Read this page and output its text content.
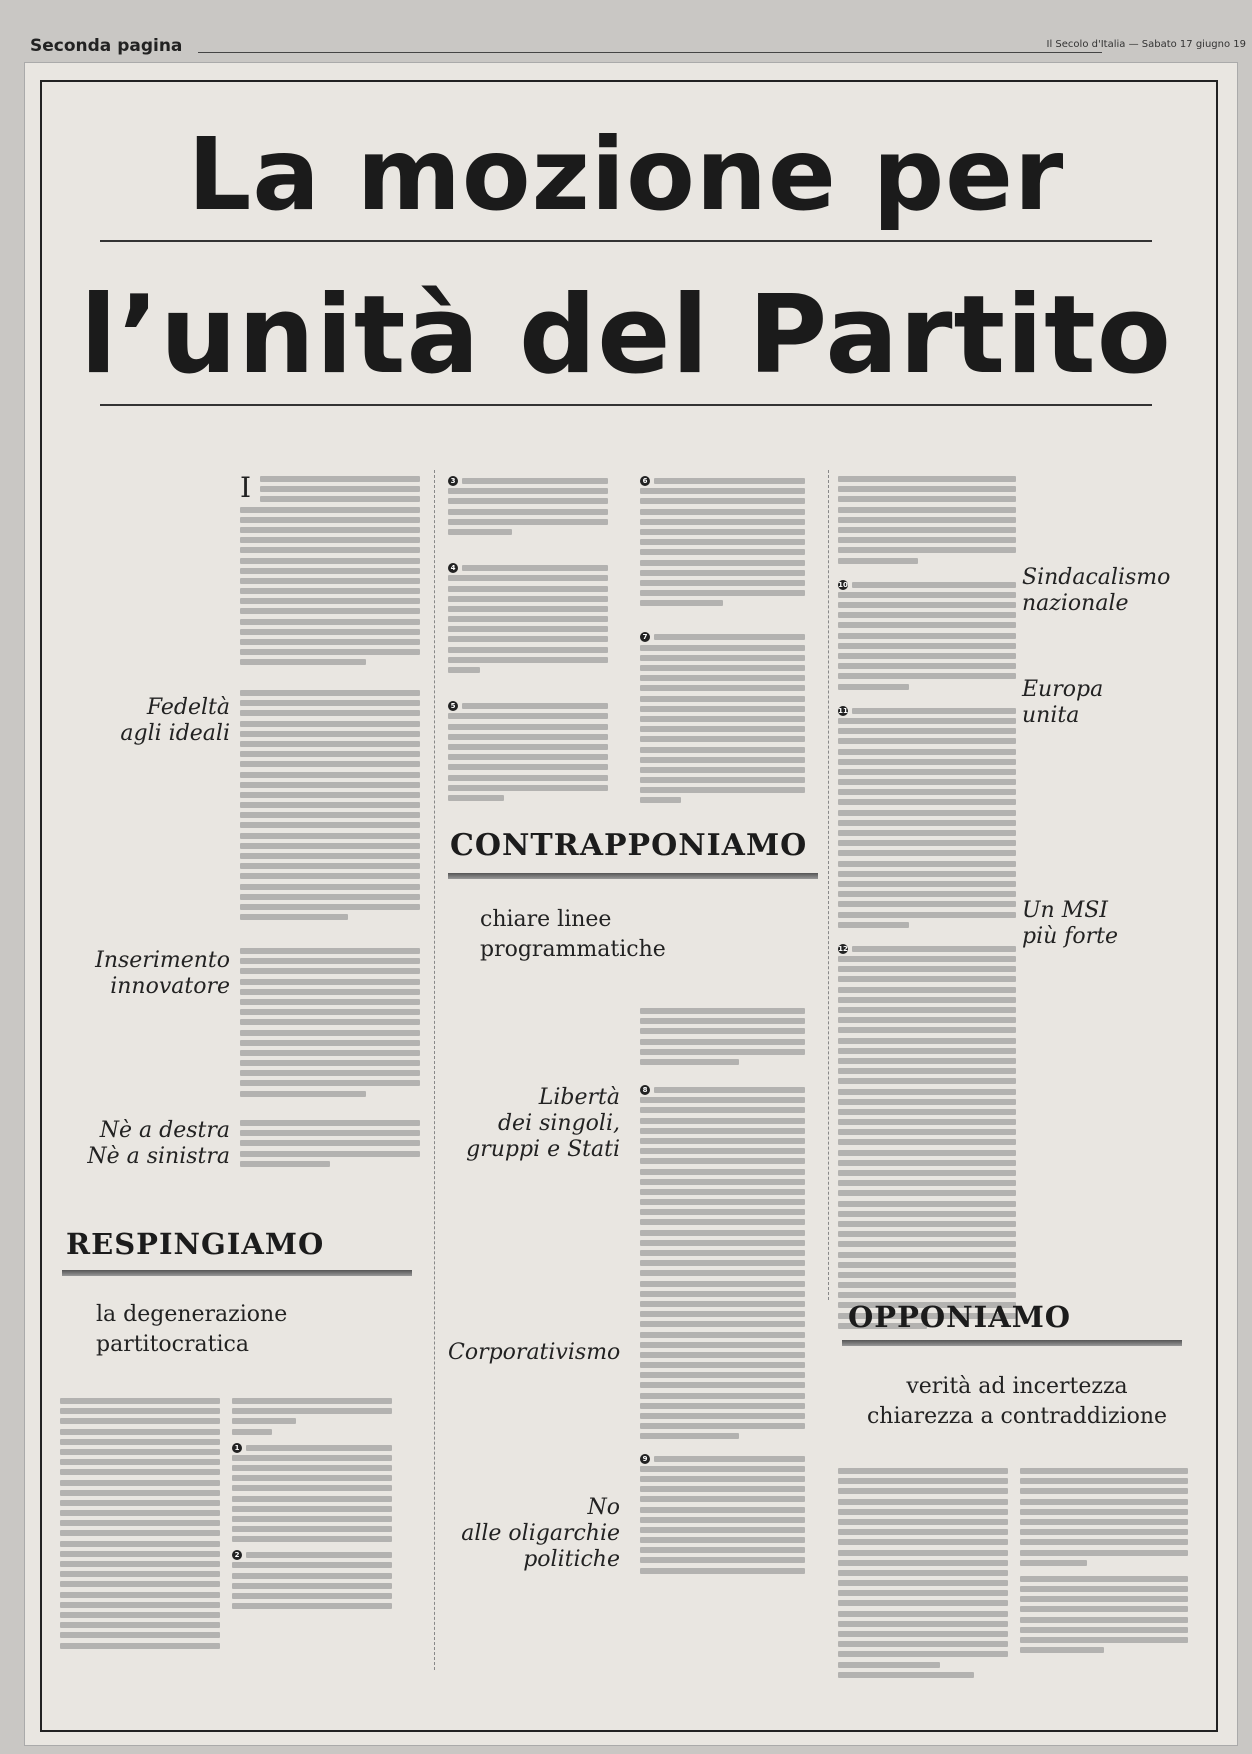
Seconda pagina	Il Secolo d'Italia — Sabato 17 giugno 19
La mozione per
l’unità del Partito
I
Fedeltà
agli ideali
Inserimento
innovatore
Nè a destra
Nè a sinistra
RESPINGIAMO
la degenerazione
partitocratica
1
2
3
4
5
6
7
CONTRAPPONIAMO
chiare linee
programmatiche
Libertà
dei singoli,
gruppi e Stati
Corporativismo
No
alle oligarchie
politiche
8
9
10
11
12
Sindacalismo
nazionale
Europa
unita
Un MSI
più forte
OPPONIAMO
verità ad incertezza
chiarezza a contraddizione
